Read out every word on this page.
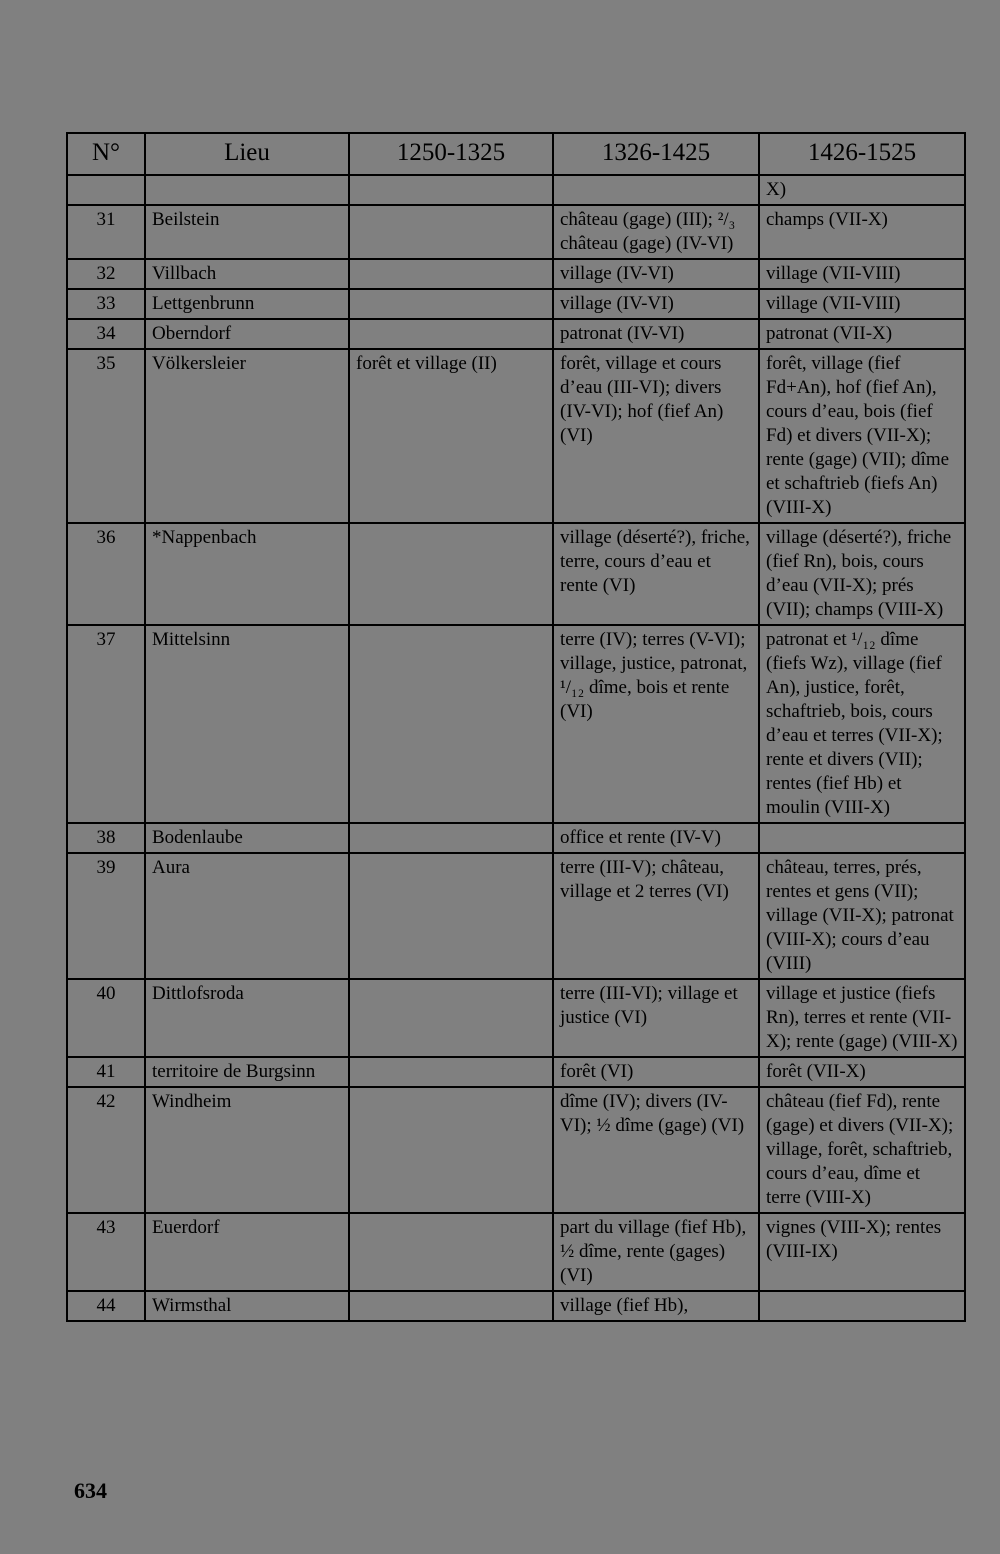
N°	Lieu	1250-1325	1326-1425	1426-1525
				X)
31	Beilstein		château (gage) (III); ²/₃ château (gage) (IV-VI)	champs (VII-X)
32	Villbach		village (IV-VI)	village (VII-VIII)
33	Lettgenbrunn		village (IV-VI)	village (VII-VIII)
34	Oberndorf		patronat (IV-VI)	patronat (VII-X)
35	Völkersleier	forêt et village (II)	forêt, village et cours d’eau (III-VI); divers (IV-VI); hof (fief An) (VI)	forêt, village (fief Fd+An), hof (fief An), cours d’eau, bois (fief Fd) et divers (VII-X); rente (gage) (VII); dîme et schaftrieb (fiefs An) (VIII-X)
36	*Nappenbach		village (déserté?), friche, terre, cours d’eau et rente (VI)	village (déserté?), friche (fief Rn), bois, cours d’eau (VII-X); prés (VII); champs (VIII-X)
37	Mittelsinn		terre (IV); terres (V-VI); village, justice, patronat, ¹/₁₂ dîme, bois et rente (VI)	patronat et ¹/₁₂ dîme (fiefs Wz), village (fief An), justice, forêt, schaftrieb, bois, cours d’eau et terres (VII-X); rente et divers (VII); rentes (fief Hb) et moulin (VIII-X)
38	Bodenlaube		office et rente (IV-V)	
39	Aura		terre (III-V); château, village et 2 terres (VI)	château, terres, prés, rentes et gens (VII); village (VII-X); patronat (VIII-X); cours d’eau (VIII)
40	Dittlofsroda		terre (III-VI); village et justice (VI)	village et justice (fiefs Rn), terres et rente (VII-X); rente (gage) (VIII-X)
41	territoire de Burgsinn		forêt (VI)	forêt (VII-X)
42	Windheim		dîme (IV); divers (IV-VI); ½ dîme (gage) (VI)	château (fief Fd), rente (gage) et divers (VII-X); village, forêt, schaftrieb, cours d’eau, dîme et terre (VIII-X)
43	Euerdorf		part du village (fief Hb), ½ dîme, rente (gages) (VI)	vignes (VIII-X); rentes (VIII-IX)
44	Wirmsthal		village (fief Hb),	
634
